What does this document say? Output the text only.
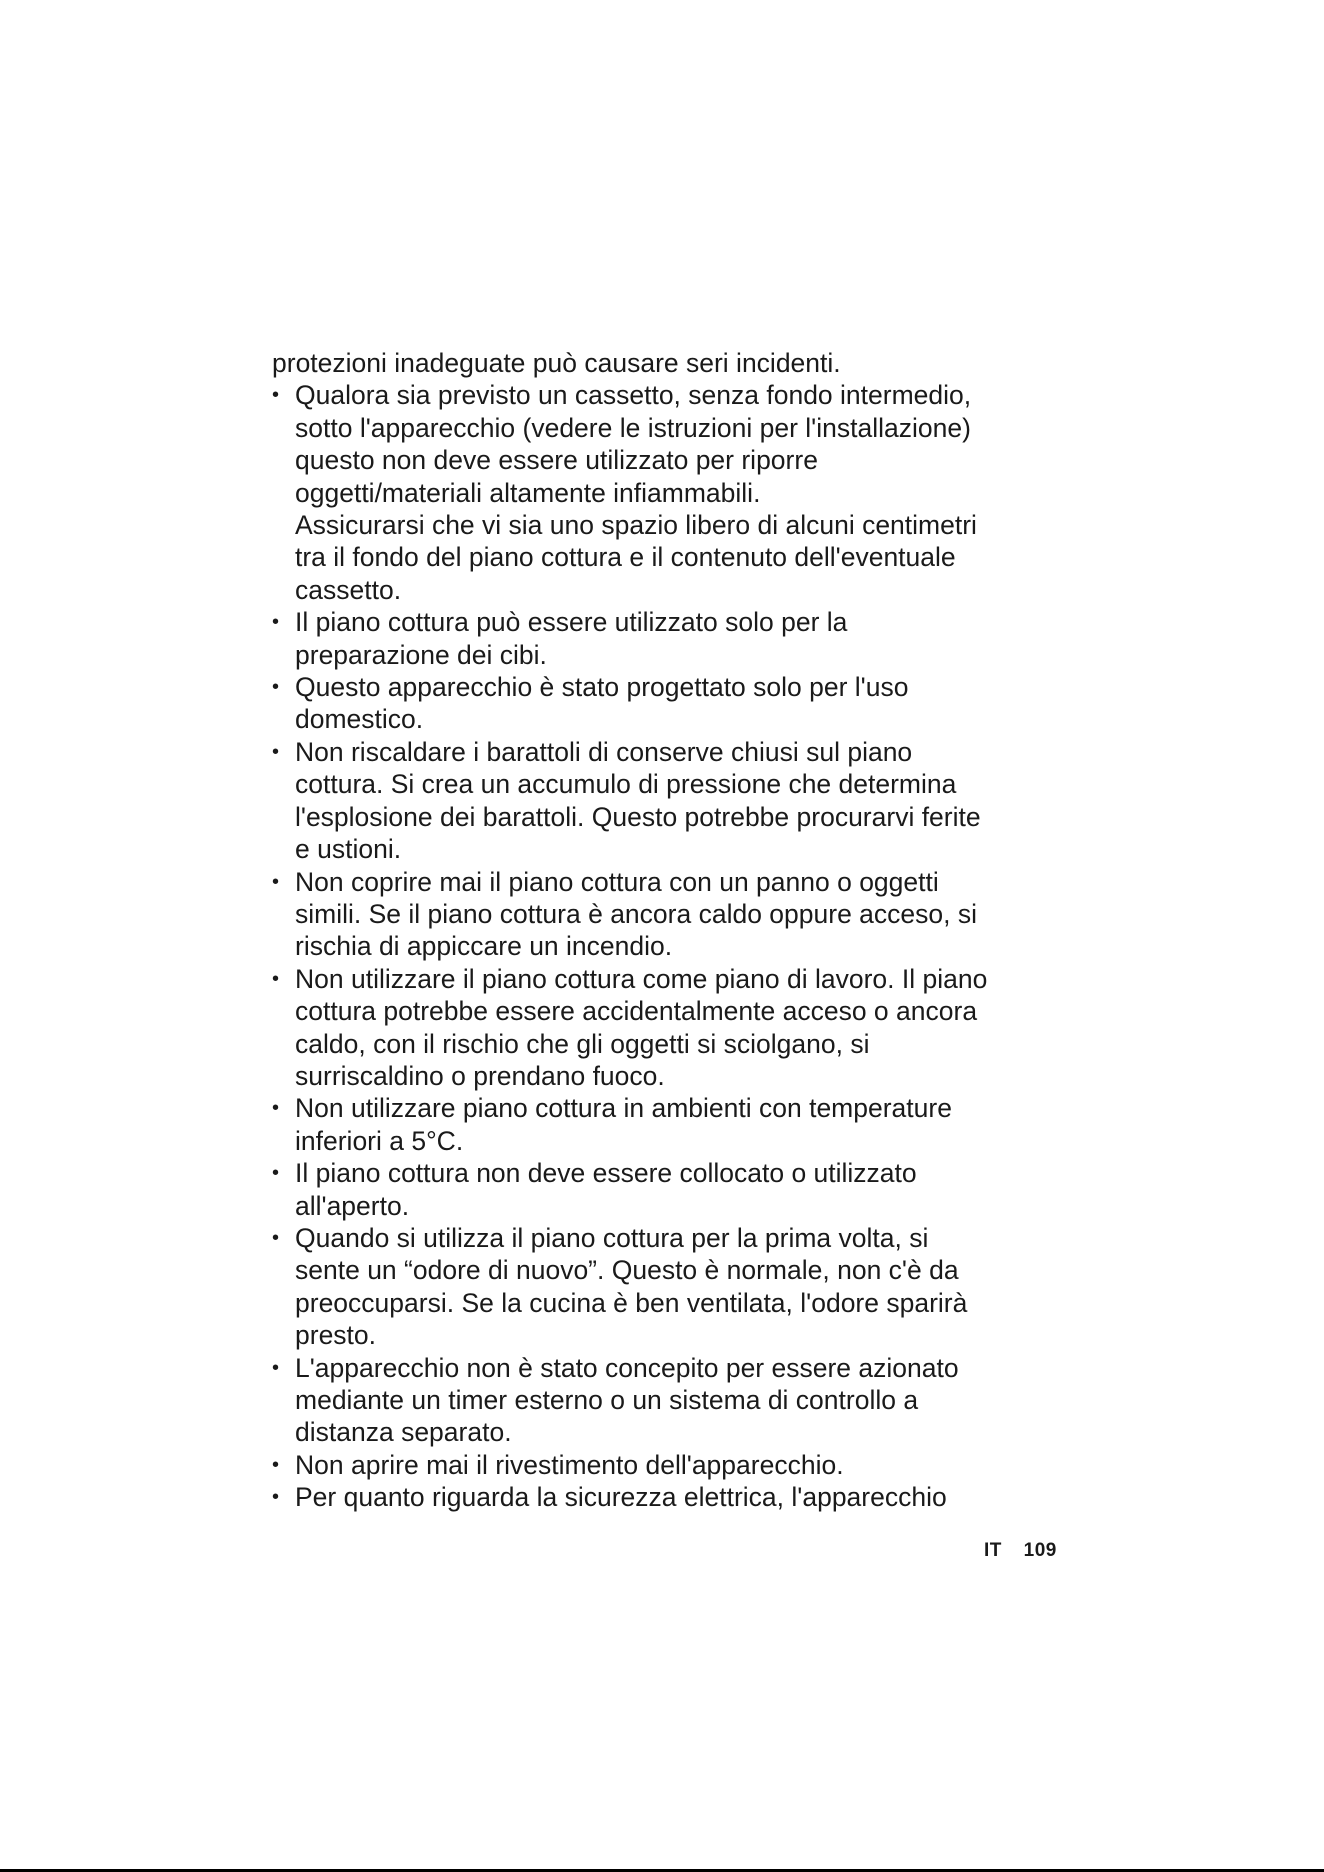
protezioni inadeguate può causare seri incidenti.

• Qualora sia previsto un cassetto, senza fondo intermedio,
sotto l'apparecchio (vedere le istruzioni per l'installazione)
questo non deve essere utilizzato per riporre
oggetti/materiali altamente infiammabili.
Assicurarsi che vi sia uno spazio libero di alcuni centimetri
tra il fondo del piano cottura e il contenuto dell'eventuale
cassetto.
• Il piano cottura può essere utilizzato solo per la
preparazione dei cibi.
• Questo apparecchio è stato progettato solo per l'uso
domestico.
• Non riscaldare i barattoli di conserve chiusi sul piano
cottura. Si crea un accumulo di pressione che determina
l'esplosione dei barattoli. Questo potrebbe procurarvi ferite
e ustioni.
• Non coprire mai il piano cottura con un panno o oggetti
simili. Se il piano cottura è ancora caldo oppure acceso, si
rischia di appiccare un incendio.
• Non utilizzare il piano cottura come piano di lavoro. Il piano
cottura potrebbe essere accidentalmente acceso o ancora
caldo, con il rischio che gli oggetti si sciolgano, si
surriscaldino o prendano fuoco.
• Non utilizzare piano cottura in ambienti con temperature
inferiori a 5°C.
• Il piano cottura non deve essere collocato o utilizzato
all'aperto.
• Quando si utilizza il piano cottura per la prima volta, si
sente un “odore di nuovo”. Questo è normale, non c'è da
preoccuparsi. Se la cucina è ben ventilata, l'odore sparirà
presto.
• L'apparecchio non è stato concepito per essere azionato
mediante un timer esterno o un sistema di controllo a
distanza separato.
• Non aprire mai il rivestimento dell'apparecchio.
• Per quanto riguarda la sicurezza elettrica, l'apparecchio
IT 109
